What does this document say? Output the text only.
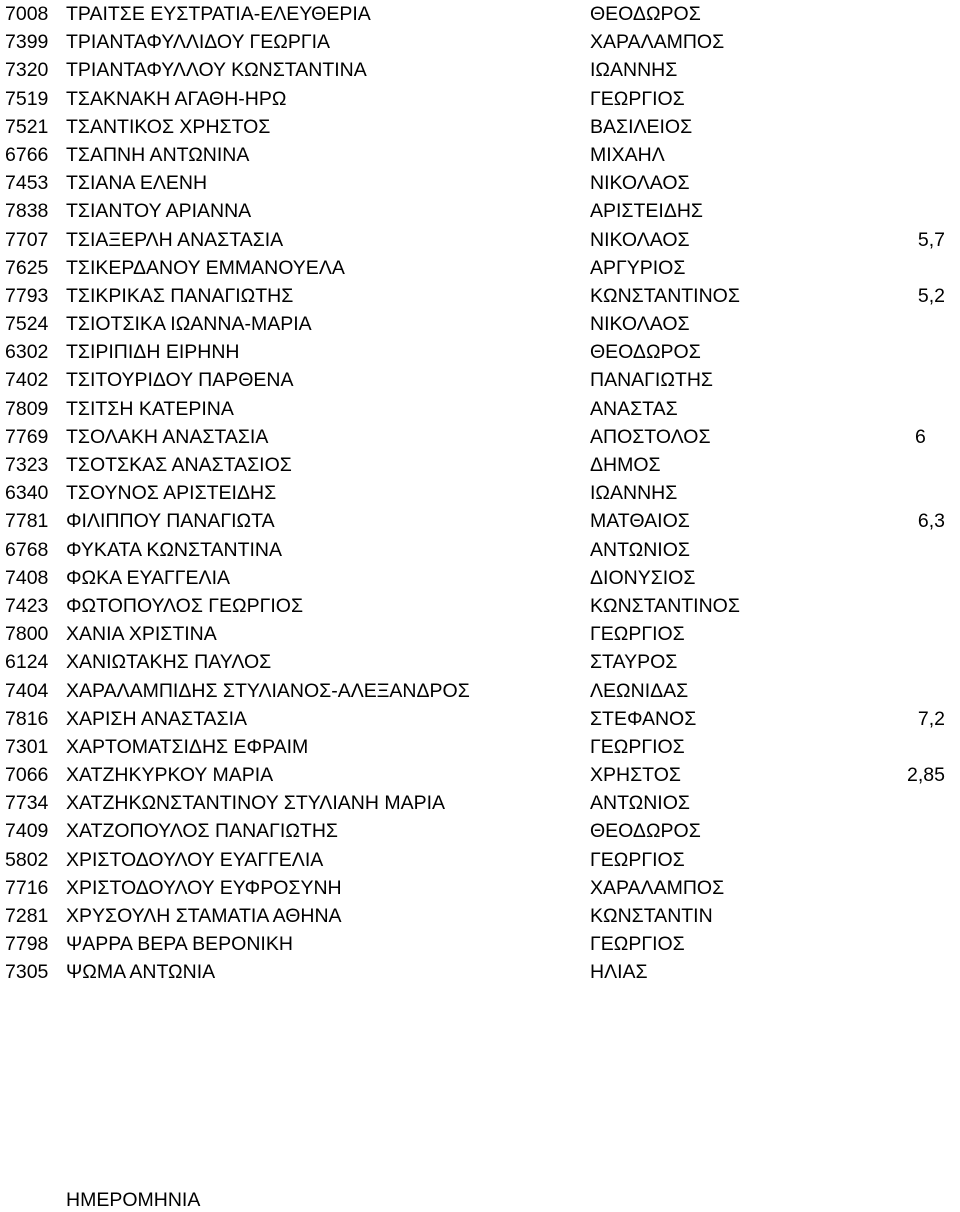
7008 ΤΡΑΙΤΣΕ ΕΥΣΤΡΑΤΙΑ-ΕΛΕΥΘΕΡΙΑ	ΘΕΟΔΩΡΟΣ
7399 ΤΡΙΑΝΤΑΦΥΛΛΙΔΟΥ ΓΕΩΡΓΙΑ	ΧΑΡΑΛΑΜΠΟΣ
7320 ΤΡΙΑΝΤΑΦΥΛΛΟΥ ΚΩΝΣΤΑΝΤΙΝΑ	ΙΩΑΝΝΗΣ
7519 ΤΣΑΚΝΑΚΗ ΑΓΑΘΗ-ΗΡΩ	ΓΕΩΡΓΙΟΣ
7521 ΤΣΑΝΤΙΚΟΣ ΧΡΗΣΤΟΣ	ΒΑΣΙΛΕΙΟΣ
6766 ΤΣΑΠΝΗ ΑΝΤΩΝΙΝΑ	ΜΙΧΑΗΛ
7453 ΤΣΙΑΝΑ ΕΛΕΝΗ	ΝΙΚΟΛΑΟΣ
7838 ΤΣΙΑΝΤΟΥ ΑΡΙΑΝΝΑ	ΑΡΙΣΤΕΙΔΗΣ
7707 ΤΣΙΑΞΕΡΛΗ ΑΝΑΣΤΑΣΙΑ	ΝΙΚΟΛΑΟΣ	5,7
7625 ΤΣΙΚΕΡΔΑΝΟΥ ΕΜΜΑΝΟΥΕΛΑ	ΑΡΓΥΡΙΟΣ
7793 ΤΣΙΚΡΙΚΑΣ ΠΑΝΑΓΙΩΤΗΣ	ΚΩΝΣΤΑΝΤΙΝΟΣ	5,2
7524 ΤΣΙΟΤΣΙΚΑ ΙΩΑΝΝΑ-ΜΑΡΙΑ	ΝΙΚΟΛΑΟΣ
6302 ΤΣΙΡΙΠΙΔΗ ΕΙΡΗΝΗ	ΘΕΟΔΩΡΟΣ
7402 ΤΣΙΤΟΥΡΙΔΟΥ ΠΑΡΘΕΝΑ	ΠΑΝΑΓΙΩΤΗΣ
7809 ΤΣΙΤΣΗ ΚΑΤΕΡΙΝΑ	ΑΝΑΣΤΑΣ
7769 ΤΣΟΛΑΚΗ ΑΝΑΣΤΑΣΙΑ	ΑΠΟΣΤΟΛΟΣ	6
7323 ΤΣΟΤΣΚΑΣ ΑΝΑΣΤΑΣΙΟΣ	ΔΗΜΟΣ
6340 ΤΣΟΥΝΟΣ ΑΡΙΣΤΕΙΔΗΣ	ΙΩΑΝΝΗΣ
7781 ΦΙΛΙΠΠΟΥ ΠΑΝΑΓΙΩΤΑ	ΜΑΤΘΑΙΟΣ	6,3
6768 ΦΥΚΑΤΑ ΚΩΝΣΤΑΝΤΙΝΑ	ΑΝΤΩΝΙΟΣ
7408 ΦΩΚΑ ΕΥΑΓΓΕΛΙΑ	ΔΙΟΝΥΣΙΟΣ
7423 ΦΩΤΟΠΟΥΛΟΣ ΓΕΩΡΓΙΟΣ	ΚΩΝΣΤΑΝΤΙΝΟΣ
7800 ΧΑΝΙΑ ΧΡΙΣΤΙΝΑ	ΓΕΩΡΓΙΟΣ
6124 ΧΑΝΙΩΤΑΚΗΣ ΠΑΥΛΟΣ	ΣΤΑΥΡΟΣ
7404 ΧΑΡΑΛΑΜΠΙΔΗΣ ΣΤΥΛΙΑΝΟΣ-ΑΛΕΞΑΝΔΡΟΣ	ΛΕΩΝΙΔΑΣ
7816 ΧΑΡΙΣΗ ΑΝΑΣΤΑΣΙΑ	ΣΤΕΦΑΝΟΣ	7,2
7301 ΧΑΡΤΟΜΑΤΣΙΔΗΣ ΕΦΡΑΙΜ	ΓΕΩΡΓΙΟΣ
7066 ΧΑΤΖΗΚΥΡΚΟΥ ΜΑΡΙΑ	ΧΡΗΣΤΟΣ	2,85
7734 ΧΑΤΖΗΚΩΝΣΤΑΝΤΙΝΟΥ ΣΤΥΛΙΑΝΗ ΜΑΡΙΑ	ΑΝΤΩΝΙΟΣ
7409 ΧΑΤΖΟΠΟΥΛΟΣ ΠΑΝΑΓΙΩΤΗΣ	ΘΕΟΔΩΡΟΣ
5802 ΧΡΙΣΤΟΔΟΥΛΟΥ ΕΥΑΓΓΕΛΙΑ	ΓΕΩΡΓΙΟΣ
7716 ΧΡΙΣΤΟΔΟΥΛΟΥ ΕΥΦΡΟΣΥΝΗ	ΧΑΡΑΛΑΜΠΟΣ
7281 ΧΡΥΣΟΥΛΗ ΣΤΑΜΑΤΙΑ ΑΘΗΝΑ	ΚΩΝΣΤΑΝΤΙΝ
7798 ΨΑΡΡΑ ΒΕΡΑ ΒΕΡΟΝΙΚΗ	ΓΕΩΡΓΙΟΣ
7305 ΨΩΜΑ ΑΝΤΩΝΙΑ	ΗΛΙΑΣ
ΗΜΕΡΟΜΗΝΙΑ
